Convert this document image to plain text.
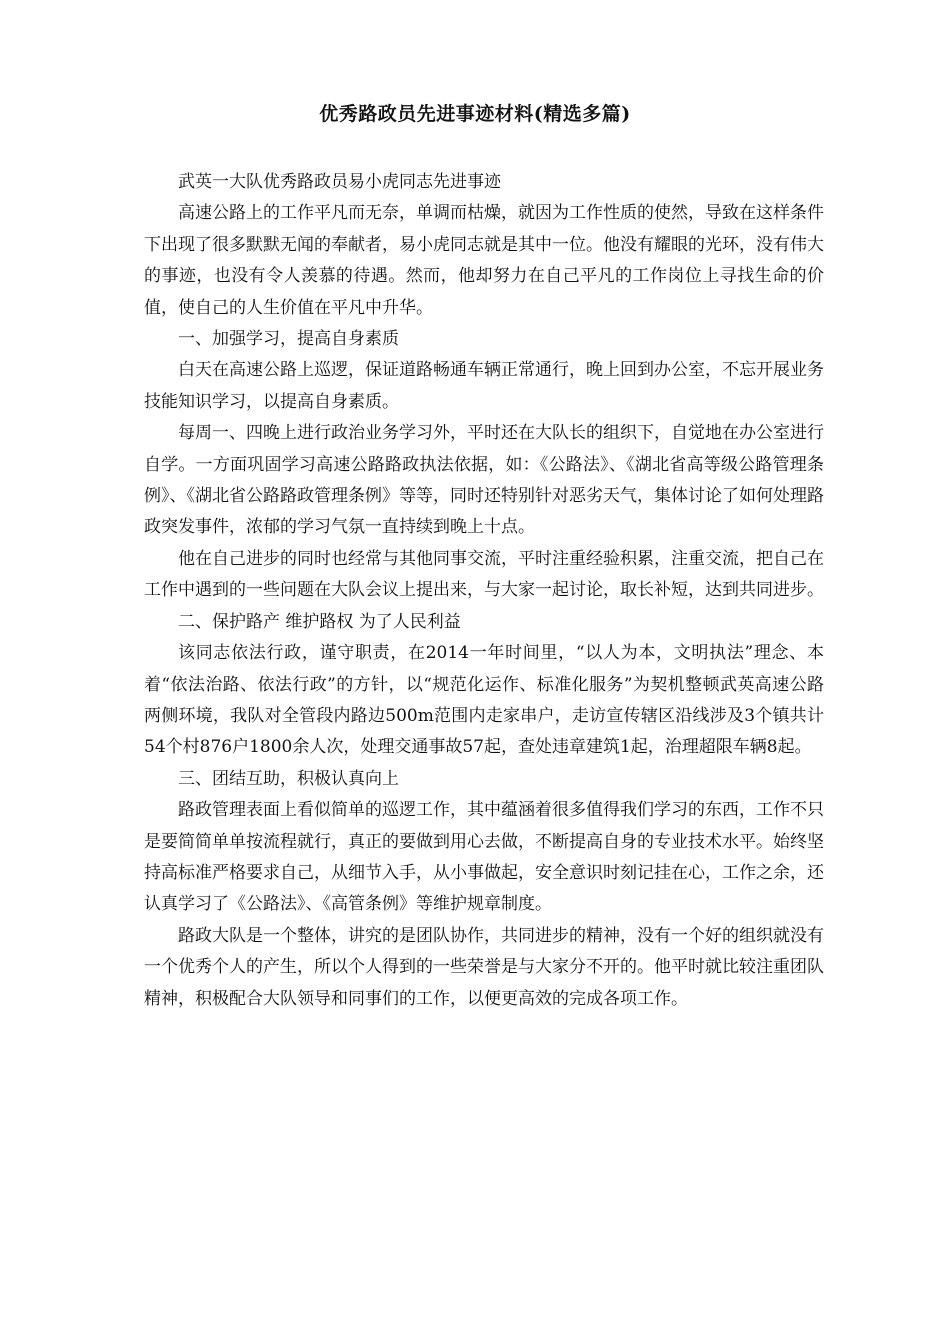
优秀路政员先进事迹材料(精选多篇)

武英一大队优秀路政员易小虎同志先进事迹

高速公路上的工作平凡而无奈，单调而枯燥，就因为工作性质的使然，导致在这样条件下出现了很多默默无闻的奉献者，易小虎同志就是其中一位。他没有耀眼的光环，没有伟大的事迹，也没有令人羡慕的待遇。然而，他却努力在自己平凡的工作岗位上寻找生命的价值，使自己的人生价值在平凡中升华。

一、加强学习，提高自身素质

白天在高速公路上巡逻，保证道路畅通车辆正常通行，晚上回到办公室，不忘开展业务技能知识学习，以提高自身素质。

每周一、四晚上进行政治业务学习外，平时还在大队长的组织下，自觉地在办公室进行自学。一方面巩固学习高速公路路政执法依据，如：《公路法》、《湖北省高等级公路管理条例》、《湖北省公路路政管理条例》等等，同时还特别针对恶劣天气，集体讨论了如何处理路政突发事件，浓郁的学习气氛一直持续到晚上十点。

他在自己进步的同时也经常与其他同事交流，平时注重经验积累，注重交流，把自己在工作中遇到的一些问题在大队会议上提出来，与大家一起讨论，取长补短，达到共同进步。

二、保护路产 维护路权 为了人民利益

该同志依法行政，谨守职责，在2014一年时间里，“以人为本，文明执法”理念、本着“依法治路、依法行政”的方针，以“规范化运作、标准化服务”为契机整顿武英高速公路两侧环境，我队对全管段内路边500m范围内走家串户，走访宣传辖区沿线涉及3个镇共计54个村876户1800余人次，处理交通事故57起，查处违章建筑1起，治理超限车辆8起。

三、团结互助，积极认真向上

路政管理表面上看似简单的巡逻工作，其中蕴涵着很多值得我们学习的东西，工作不只是要简简单单按流程就行，真正的要做到用心去做，不断提高自身的专业技术水平。始终坚持高标准严格要求自己，从细节入手，从小事做起，安全意识时刻记挂在心，工作之余，还认真学习了《公路法》、《高管条例》等维护规章制度。

路政大队是一个整体，讲究的是团队协作，共同进步的精神，没有一个好的组织就没有一个优秀个人的产生，所以个人得到的一些荣誉是与大家分不开的。他平时就比较注重团队精神，积极配合大队领导和同事们的工作，以便更高效的完成各项工作。
